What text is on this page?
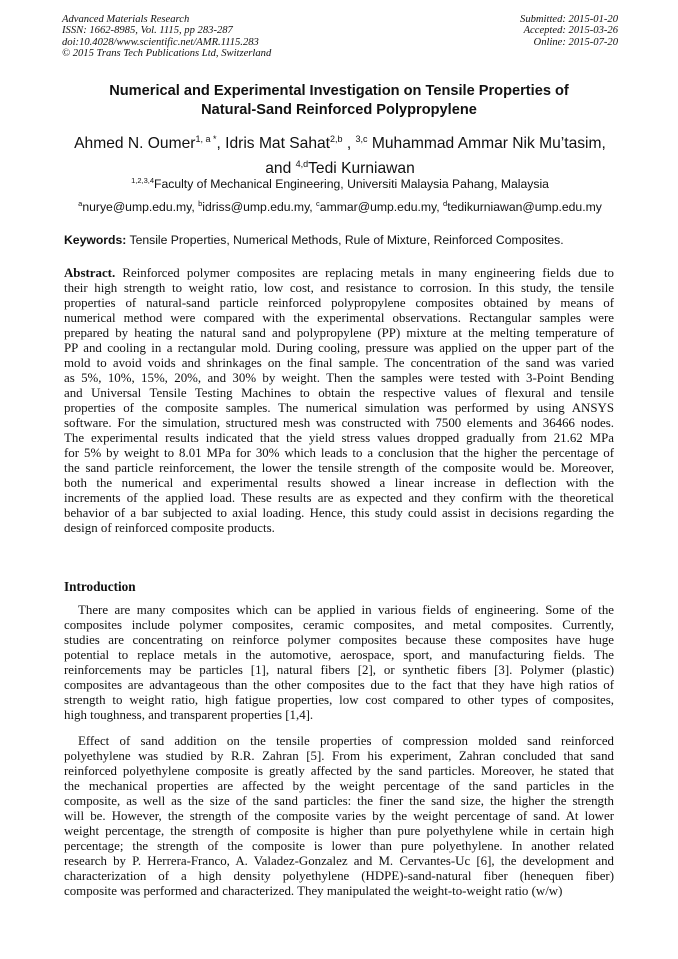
Advanced Materials Research
ISSN: 1662-8985, Vol. 1115, pp 283-287
doi:10.4028/www.scientific.net/AMR.1115.283
© 2015 Trans Tech Publications Ltd, Switzerland
Submitted: 2015-01-20
Accepted: 2015-03-26
Online: 2015-07-20
Numerical and Experimental Investigation on Tensile Properties of
Natural-Sand Reinforced Polypropylene
Ahmed N. Oumer$^{1, a *}$, Idris Mat Sahat$^{2,b}$ , $^{3,c}$ Muhammad Ammar Nik Mu’tasim,
and $^{4,d}$Tedi Kurniawan
$^{1,2,3,4}$Faculty of Mechanical Engineering, Universiti Malaysia Pahang, Malaysia
$^a$nurye@ump.edu.my, $^b$idriss@ump.edu.my, $^c$ammar@ump.edu.my, $^d$tedikurniawan@ump.edu.my
Keywords: Tensile Properties, Numerical Methods, Rule of Mixture, Reinforced Composites.
Abstract. Reinforced polymer composites are replacing metals in many engineering fields due to
their high strength to weight ratio, low cost, and resistance to corrosion. In this study, the tensile
properties of natural-sand particle reinforced polypropylene composites obtained by means of
numerical method were compared with the experimental observations. Rectangular samples were
prepared by heating the natural sand and polypropylene (PP) mixture at the melting temperature of
PP and cooling in a rectangular mold. During cooling, pressure was applied on the upper part of the
mold to avoid voids and shrinkages on the final sample. The concentration of the sand was varied
as 5%, 10%, 15%, 20%, and 30% by weight. Then the samples were tested with 3-Point Bending
and Universal Tensile Testing Machines to obtain the respective values of flexural and tensile
properties of the composite samples. The numerical simulation was performed by using ANSYS
software. For the simulation, structured mesh was constructed with 7500 elements and 36466 nodes.
The experimental results indicated that the yield stress values dropped gradually from 21.62 MPa
for 5% by weight to 8.01 MPa for 30% which leads to a conclusion that the higher the percentage of
the sand particle reinforcement, the lower the tensile strength of the composite would be. Moreover,
both the numerical and experimental results showed a linear increase in deflection with the
increments of the applied load. These results are as expected and they confirm with the theoretical
behavior of a bar subjected to axial loading. Hence, this study could assist in decisions regarding the
design of reinforced composite products.
Introduction
There are many composites which can be applied in various fields of engineering. Some of the
composites include polymer composites, ceramic composites, and metal composites. Currently,
studies are concentrating on reinforce polymer composites because these composites have huge
potential to replace metals in the automotive, aerospace, sport, and manufacturing fields. The
reinforcements may be particles [1], natural fibers [2], or synthetic fibers [3]. Polymer (plastic)
composites are advantageous than the other composites due to the fact that they have high ratios of
strength to weight ratio, high fatigue properties, low cost compared to other types of composites,
high toughness, and transparent properties [1,4].
Effect of sand addition on the tensile properties of compression molded sand reinforced
polyethylene was studied by R.R. Zahran [5]. From his experiment, Zahran concluded that sand
reinforced polyethylene composite is greatly affected by the sand particles. Moreover, he stated that
the mechanical properties are affected by the weight percentage of the sand particles in the
composite, as well as the size of the sand particles: the finer the sand size, the higher the strength
will be. However, the strength of the composite varies by the weight percentage of sand. At lower
weight percentage, the strength of composite is higher than pure polyethylene while in certain high
percentage; the strength of the composite is lower than pure polyethylene. In another related
research by P. Herrera-Franco, A. Valadez-Gonzalez and M. Cervantes-Uc [6], the development and
characterization of a high density polyethylene (HDPE)-sand-natural fiber (henequen fiber)
composite was performed and characterized. They manipulated the weight-to-weight ratio (w/w)
